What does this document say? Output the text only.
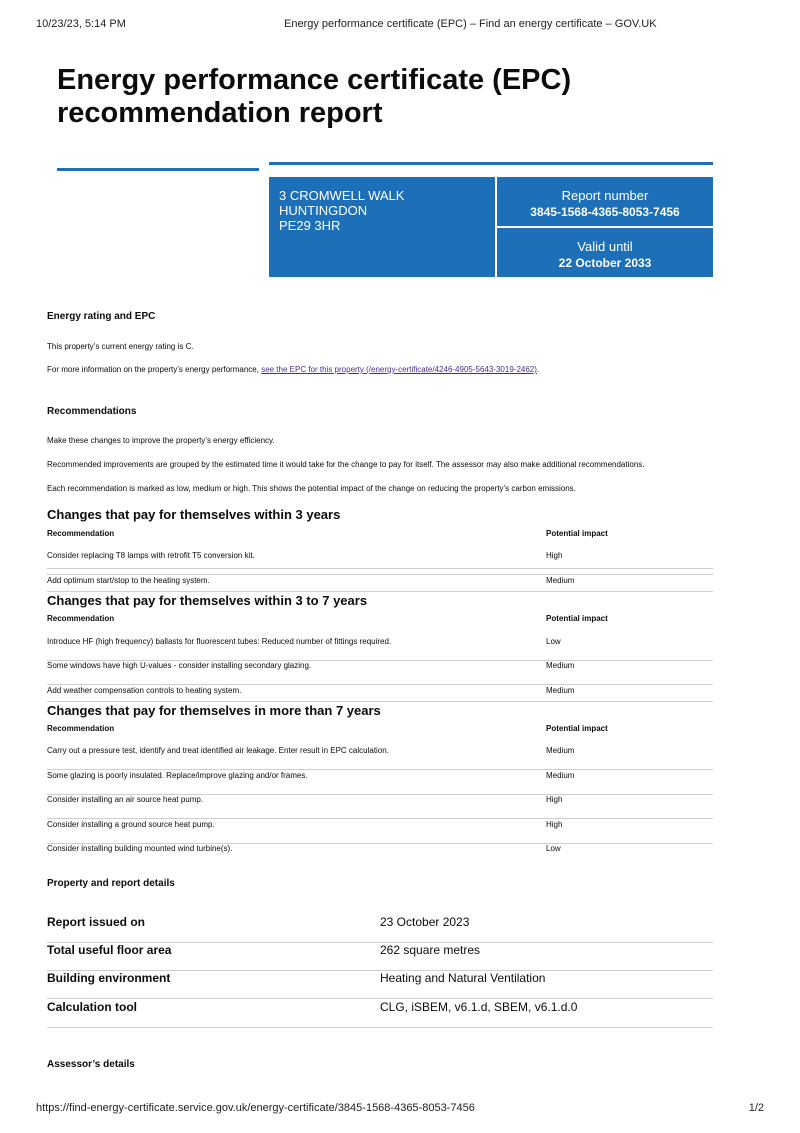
10/23/23, 5:14 PM	Energy performance certificate (EPC) – Find an energy certificate – GOV.UK
Energy performance certificate (EPC) recommendation report
3 CROMWELL WALK
HUNTINGDON
PE29 3HR
Report number
3845-1568-4365-8053-7456
Valid until
22 October 2033
Energy rating and EPC
This property’s current energy rating is C.
For more information on the property’s energy performance, see the EPC for this property (/energy-certificate/4246-4905-5643-3019-2462).
Recommendations
Make these changes to improve the property’s energy efficiency.
Recommended improvements are grouped by the estimated time it would take for the change to pay for itself. The assessor may also make additional recommendations.
Each recommendation is marked as low, medium or high. This shows the potential impact of the change on reducing the property’s carbon emissions.
Changes that pay for themselves within 3 years
Recommendation	Potential impact
Consider replacing T8 lamps with retrofit T5 conversion kit.	High
Add optimum start/stop to the heating system.	Medium
Changes that pay for themselves within 3 to 7 years
Recommendation	Potential impact
Introduce HF (high frequency) ballasts for fluorescent tubes: Reduced number of fittings required.	Low
Some windows have high U-values - consider installing secondary glazing.	Medium
Add weather compensation controls to heating system.	Medium
Changes that pay for themselves in more than 7 years
Recommendation	Potential impact
Carry out a pressure test, identify and treat identified air leakage. Enter result in EPC calculation.	Medium
Some glazing is poorly insulated. Replace/improve glazing and/or frames.	Medium
Consider installing an air source heat pump.	High
Consider installing a ground source heat pump.	High
Consider installing building mounted wind turbine(s).	Low
Property and report details
Report issued on	23 October 2023
Total useful floor area	262 square metres
Building environment	Heating and Natural Ventilation
Calculation tool	CLG, iSBEM, v6.1.d, SBEM, v6.1.d.0
Assessor’s details
https://find-energy-certificate.service.gov.uk/energy-certificate/3845-1568-4365-8053-7456	1/2
